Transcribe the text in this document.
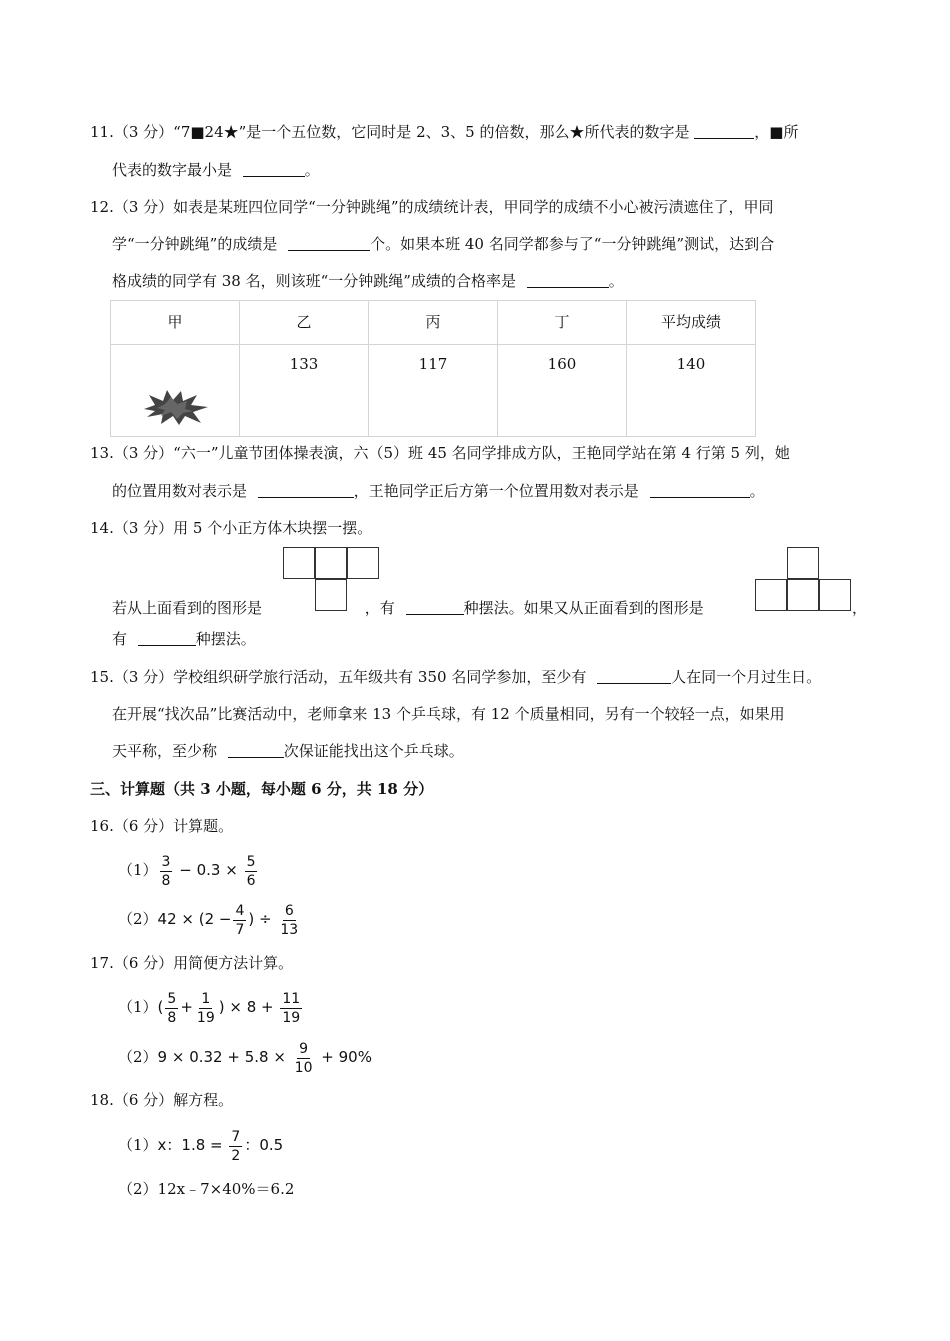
11.（3 分）“7■24★”是一个五位数，它同时是 2、3、5 的倍数，那么★所代表的数字是	，■所
代表的数字最小是	。
12.（3 分）如表是某班四位同学“一分钟跳绳”的成绩统计表，甲同学的成绩不小心被污渍遮住了，甲同
学“一分钟跳绳”的成绩是	个。如果本班 40 名同学都参与了“一分钟跳绳”测试，达到合
格成绩的同学有 38 名，则该班“一分钟跳绳”成绩的合格率是	。
甲	乙	丙	丁	平均成绩

	133	117	160	140
13.（3 分）“六一”儿童节团体操表演，六（5）班 45 名同学排成方队，王艳同学站在第 4 行第 5 列，她
的位置用数对表示是	，王艳同学正后方第一个位置用数对表示是	。
14.（3 分）用 5 个小正方体木块摆一摆。
若从上面看到的图形是	，有	种摆法。如果又从正面看到的图形是	，
有	种摆法。
15.（3 分）学校组织研学旅行活动，五年级共有 350 名同学参加，至少有	人在同一个月过生日。
在开展“找次品”比赛活动中，老师拿来 13 个乒乓球，有 12 个质量相同，另有一个较轻一点，如果用
天平称，至少称	次保证能找出这个乒乓球。
三、计算题（共 3 小题，每小题 6 分，共 18 分）
16.（6 分）计算题。
$(1) \frac{3}{8} - 0.3 \times \frac{5}{6}$
$(2)42 \times (2 - \frac{4}{7}$ ) ÷ $\frac{6}{13}$
17.（6 分）用简便方法计算。
$(1)( \frac{5}{8} + \frac{1}{19}$ ) × $8 + \frac{11}{19}$
$(2)9 \times 0.32 + 5.8 \times \frac{9}{10} + 90\%$
18.（6 分）解方程。
（1）x：$1.8 = \frac{7}{2}$ ：0.5
（2）12x﹣7×40%＝6.2
